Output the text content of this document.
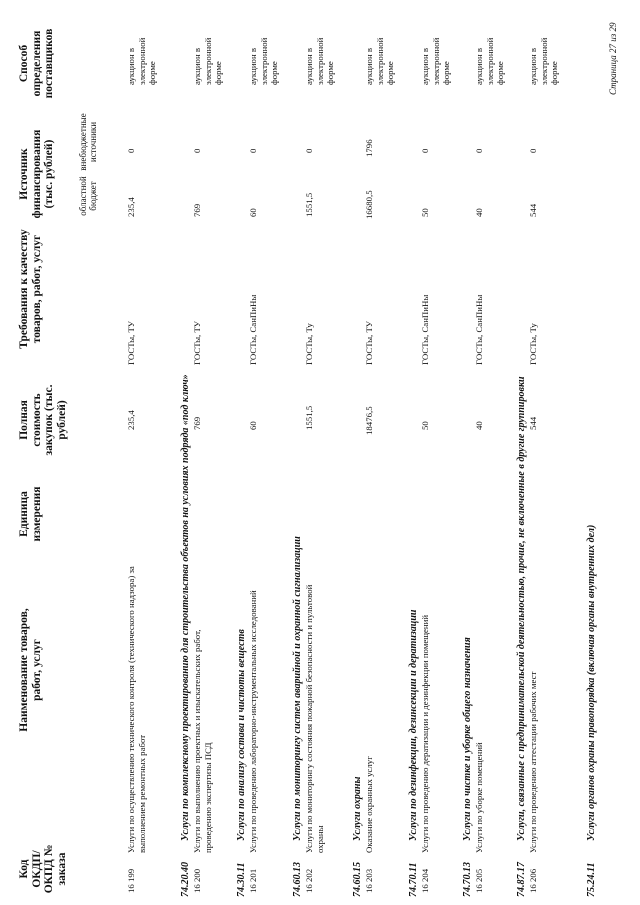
Код ОКДП/ ОКПД № заказа
Наименование товаров, работ, услуг
Единица измерения
Полная стоимость закупок (тыс. рублей)
Требования к качеству товаров, работ, услуг
Источник финансирования (тыс. рублей)	областной бюджет
внебюджетные источники
Способ определения поставщиков
16 199
Услуги по осуществлению технического контроля (технического надзора) за выполнением ремонтных работ
235,4
ГОСТы, ТУ
235,4
0
аукцион в электронной форме
74.20.40
Услуги по комплексному проектированию для строительства объектов на условиях подряда «под ключ»
16 200
Услуги по выполнению проектных и изыскательских работ, проведению экспертизы ПСД
769
ГОСТы, ТУ
769
0
аукцион в электронной форме
74.30.11
Услуги по анализу состава и чистоты веществ
16 201
Услуги по проведению лабораторно-инструментальных исследований
60
ГОСТы, СанПиНы
60
0
аукцион в электронной форме
74.60.13
Услуги по мониторингу систем аварийной и охранной сигнализации
16 202
Услуги по мониторингу состояния пожарной безопасности и пультовой охраны
1551,5
ГОСТы, Ту
1551,5
0
аукцион в электронной форме
74.60.15
Услуги охраны
16 203
Оказание охранных услуг
18476,5
ГОСТы, ТУ
16680,5
1796
аукцион в электронной форме
74.70.11
Услуги по дезинфекции, дезинсекции и дератизации
16 204
Услуги по проведению дератизации и дезинфекции помещений
50
ГОСТы, СанПиНы
50
0
аукцион в электронной форме
74.70.13
Услуги по чистке и уборке общего назначения
16 205
Услуги по уборке помещений
40
ГОСТы, СанПиНы
40
0
аукцион в электронной форме
74.87.17
Услуги, связанные с предпринимательской деятельностью, прочие, не включенные в другие группировки
16 206
Услуги по проведению аттестации рабочих мест
544
ГОСТы, Ту
544
0
аукцион в электронной форме
75.24.11
Услуги органов охраны правопорядка (включая органы внутренних дел)
Страница 27 из 29
